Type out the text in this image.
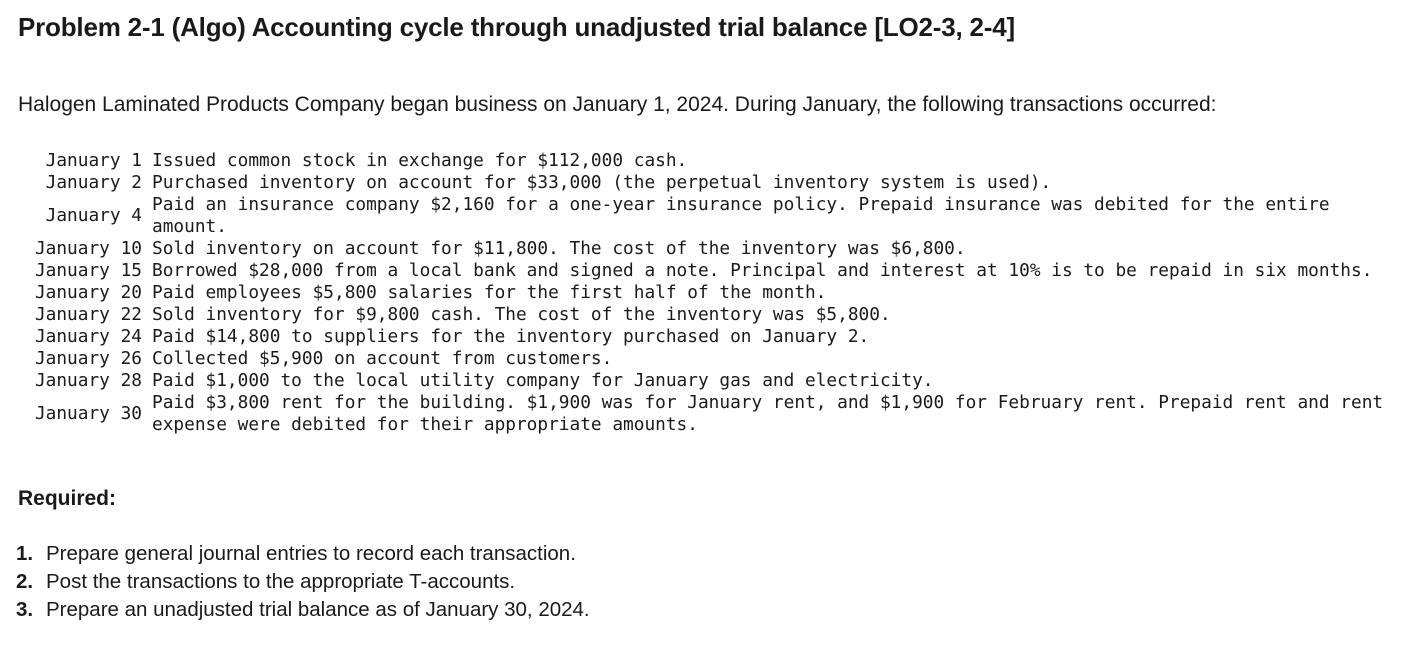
Problem 2-1 (Algo) Accounting cycle through unadjusted trial balance [LO2-3, 2-4]
Halogen Laminated Products Company began business on January 1, 2024. During January, the following transactions occurred:
January 1	Issued common stock in exchange for $112,000 cash.
January 2	Purchased inventory on account for $33,000 (the perpetual inventory system is used).
January 4	Paid an insurance company $2,160 for a one-year insurance policy. Prepaid insurance was debited for the entire amount.
January 10	Sold inventory on account for $11,800. The cost of the inventory was $6,800.
January 15	Borrowed $28,000 from a local bank and signed a note. Principal and interest at 10% is to be repaid in six months.
January 20	Paid employees $5,800 salaries for the first half of the month.
January 22	Sold inventory for $9,800 cash. The cost of the inventory was $5,800.
January 24	Paid $14,800 to suppliers for the inventory purchased on January 2.
January 26	Collected $5,900 on account from customers.
January 28	Paid $1,000 to the local utility company for January gas and electricity.
January 30	Paid $3,800 rent for the building. $1,900 was for January rent, and $1,900 for February rent. Prepaid rent and rent expense were debited for their appropriate amounts.
Required:
1. Prepare general journal entries to record each transaction.
2. Post the transactions to the appropriate T-accounts.
3. Prepare an unadjusted trial balance as of January 30, 2024.
